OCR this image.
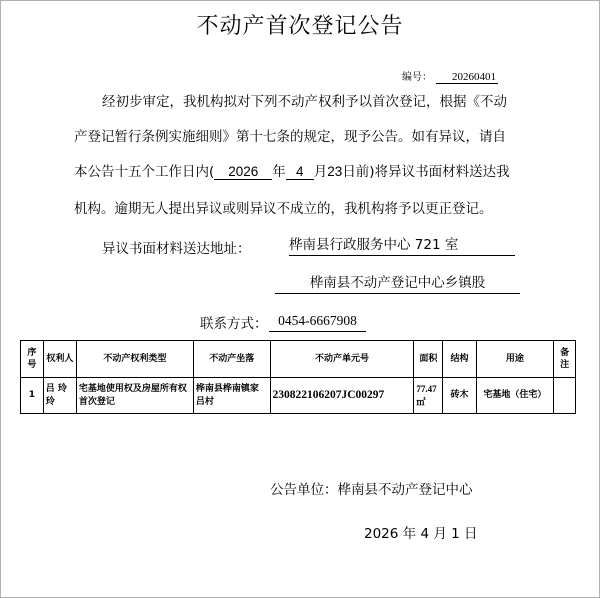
不动产首次登记公告
编号： 20260401
经初步审定，我机构拟对下列不动产权利予以首次登记，根据《不动
产登记暂行条例实施细则》第十七条的规定，现予公告。如有异议，请自
本公告十五个工作日内( 2026 年 4 月23日前)将异议书面材料送达我
机构。逾期无人提出异议或则异议不成立的，我机构将予以更正登记。
异议书面材料送达地址：	桦南县行政服务中心 721 室
桦南县不动产登记中心乡镇股
联系方式： 0454-6667908
序号	权利人	不动产权利类型	不动产坐落	不动产单元号	面积	结构	用途	备注
1	吕 玲 玲	宅基地使用权及房屋所有权首次登记	桦南县桦南镇家吕村	230822106207JC00297	77.47 ㎡	砖木	宅基地（住宅）	
公告单位：桦南县不动产登记中心
2026 年 4 月 1 日
